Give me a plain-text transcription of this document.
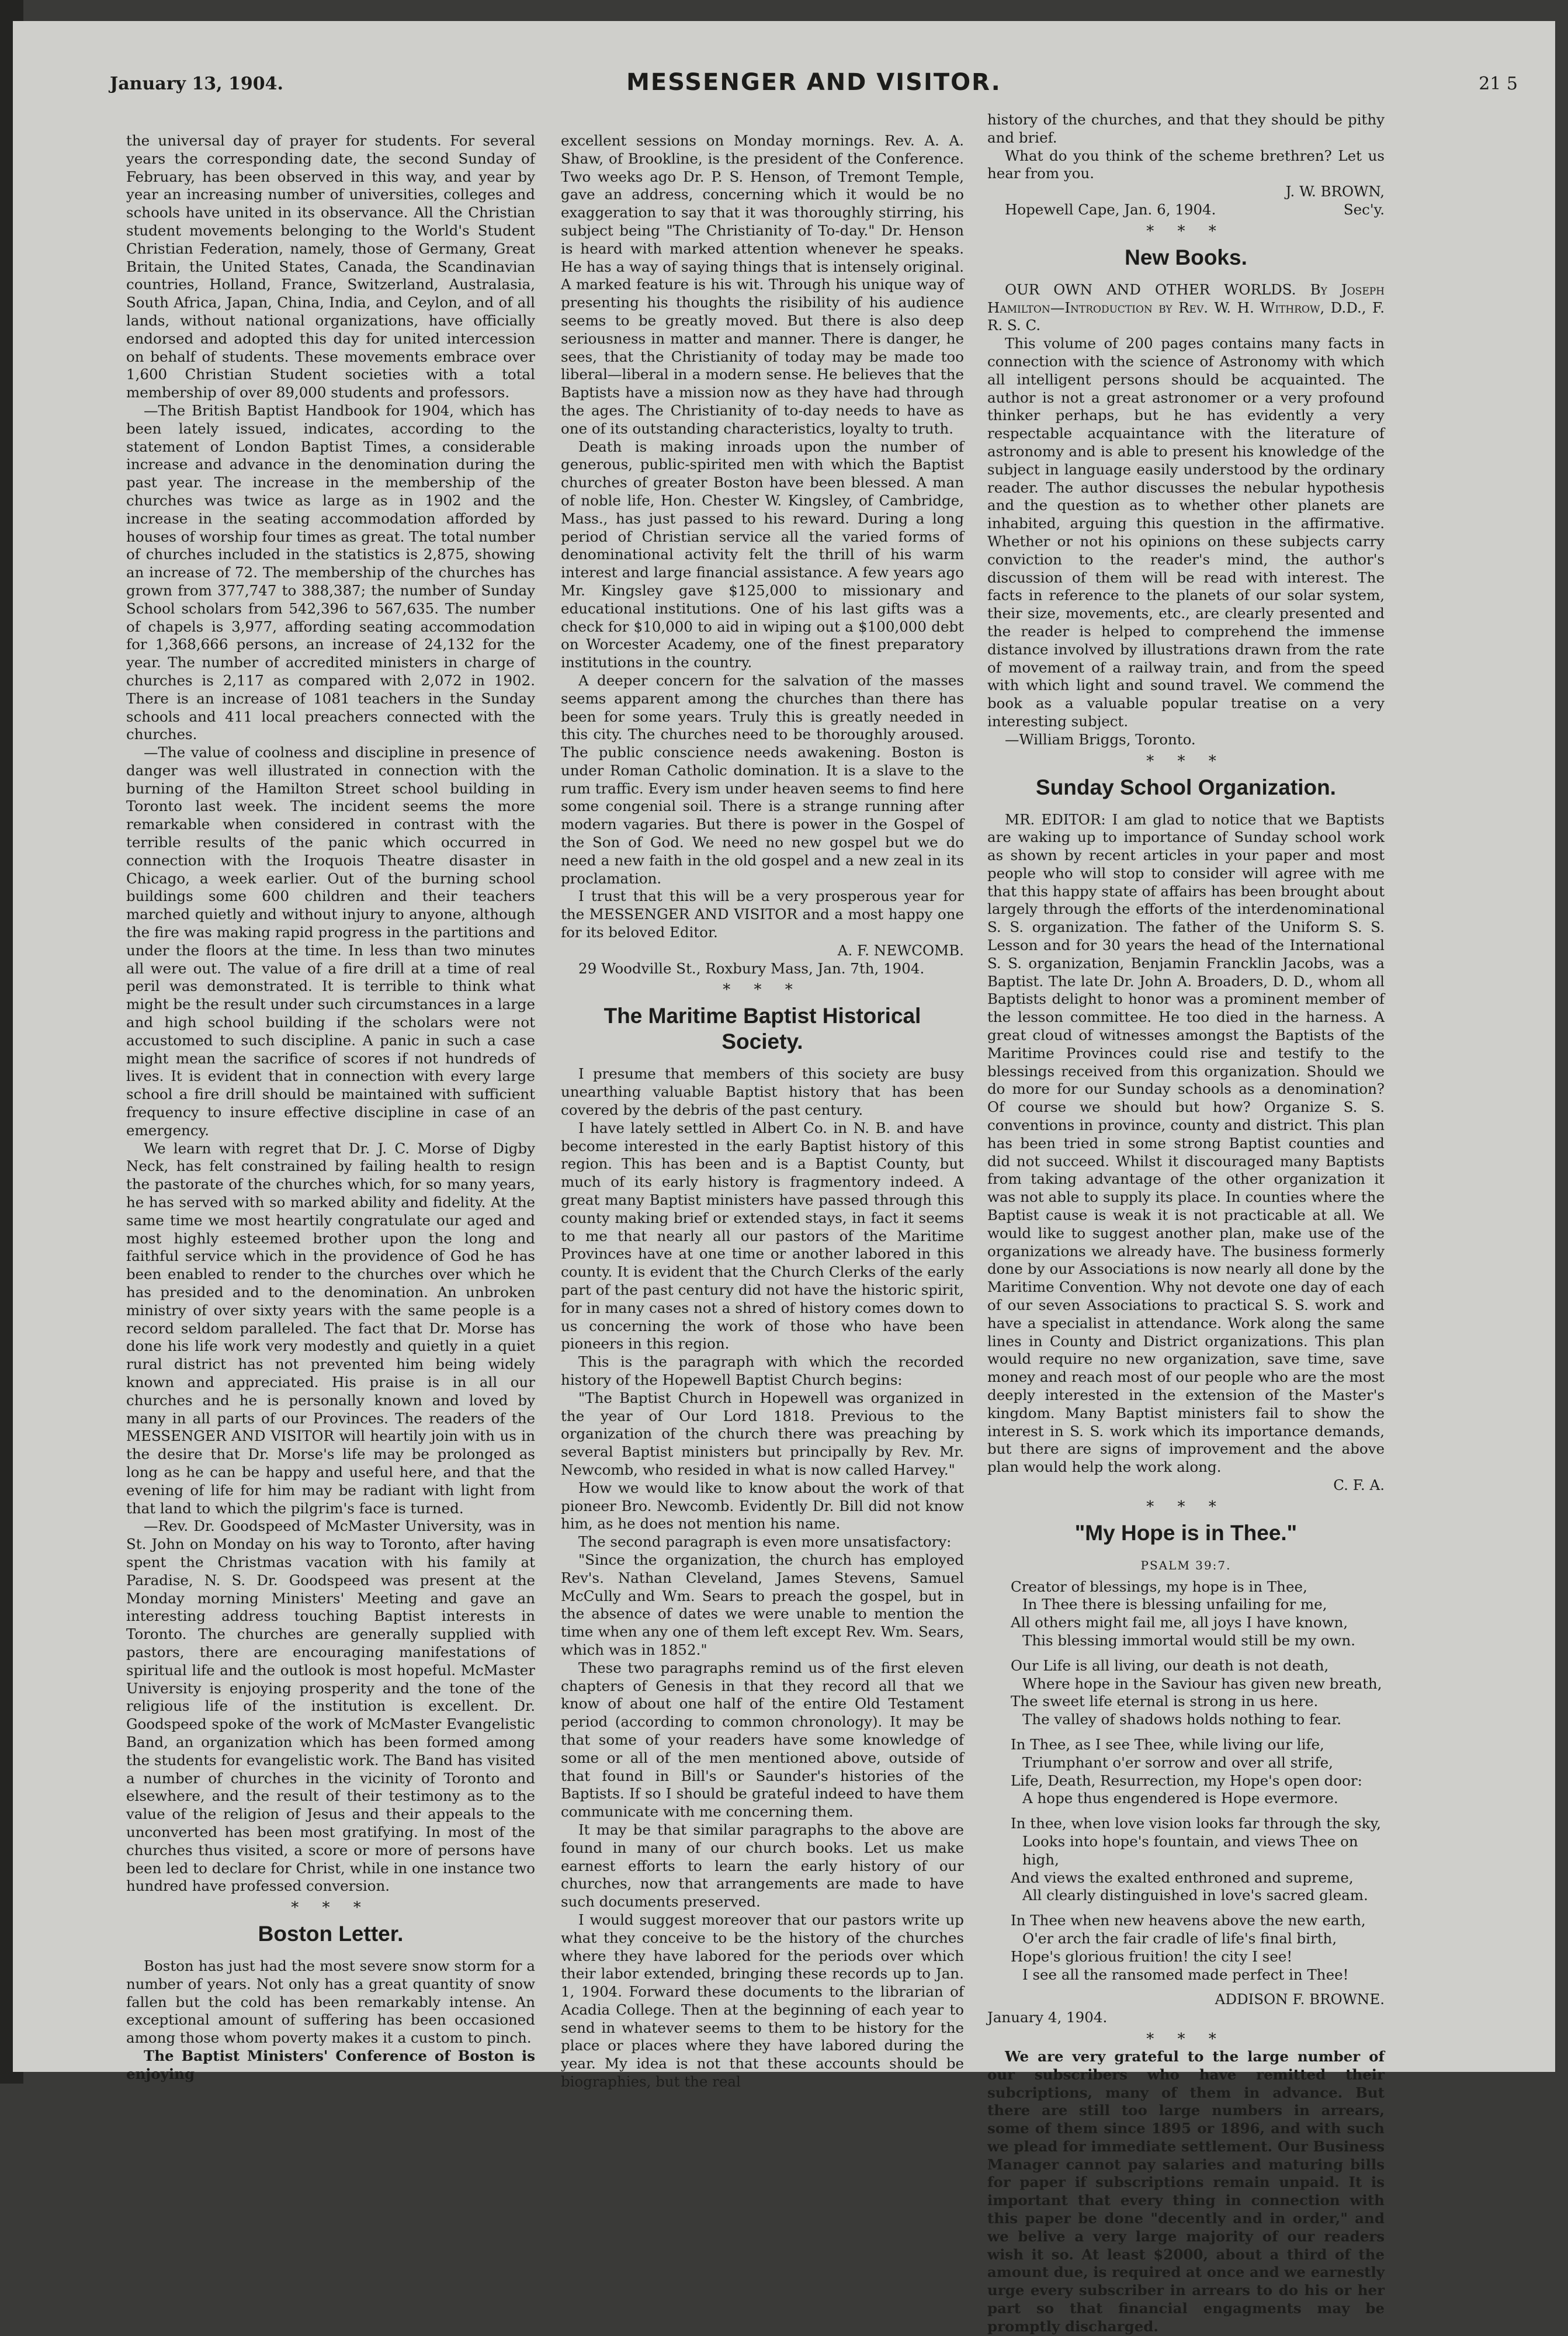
January 13, 1904.	MESSENGER AND VISITOR.	21 5

the universal day of prayer for students. For several years the corresponding date, the second Sunday of February, has been observed in this way, and year by year an increasing number of universities, colleges and schools have united in its observance. All the Christian student movements belonging to the World's Student Christian Federation, namely, those of Germany, Great Britain, the United States, Canada, the Scandinavian countries, Holland, France, Switzerland, Australasia, South Africa, Japan, China, India, and Ceylon, and of all lands, without national organizations, have officially endorsed and adopted this day for united intercession on behalf of students. These movements embrace over 1,600 Christian Student societies with a total membership of over 89,000 students and professors.

—The British Baptist Handbook for 1904, which has been lately issued, indicates, according to the statement of London Baptist Times, a considerable increase and advance in the denomination during the past year. The increase in the membership of the churches was twice as large as in 1902 and the increase in the seating accommodation afforded by houses of worship four times as great. The total number of churches included in the statistics is 2,875, showing an increase of 72. The membership of the churches has grown from 377,747 to 388,387; the number of Sunday School scholars from 542,396 to 567,635. The number of chapels is 3,977, affording seating accommodation for 1,368,666 persons, an increase of 24,132 for the year. The number of accredited ministers in charge of churches is 2,117 as compared with 2,072 in 1902. There is an increase of 1081 teachers in the Sunday schools and 411 local preachers connected with the churches.

—The value of coolness and discipline in presence of danger was well illustrated in connection with the burning of the Hamilton Street school building in Toronto last week. The incident seems the more remarkable when considered in contrast with the terrible results of the panic which occurred in connection with the Iroquois Theatre disaster in Chicago, a week earlier. Out of the burning school buildings some 600 children and their teachers marched quietly and without injury to anyone, although the fire was making rapid progress in the partitions and under the floors at the time. In less than two minutes all were out. The value of a fire drill at a time of real peril was demonstrated. It is terrible to think what might be the result under such circumstances in a large and high school building if the scholars were not accustomed to such discipline. A panic in such a case might mean the sacrifice of scores if not hundreds of lives. It is evident that in connection with every large school a fire drill should be maintained with sufficient frequency to insure effective discipline in case of an emergency.

We learn with regret that Dr. J. C. Morse of Digby Neck, has felt constrained by failing health to resign the pastorate of the churches which, for so many years, he has served with so marked ability and fidelity. At the same time we most heartily congratulate our aged and most highly esteemed brother upon the long and faithful service which in the providence of God he has been enabled to render to the churches over which he has presided and to the denomination. An unbroken ministry of over sixty years with the same people is a record seldom paralleled. The fact that Dr. Morse has done his life work very modestly and quietly in a quiet rural district has not prevented him being widely known and appreciated. His praise is in all our churches and he is personally known and loved by many in all parts of our Provinces. The readers of the MESSENGER AND VISITOR will heartily join with us in the desire that Dr. Morse's life may be prolonged as long as he can be happy and useful here, and that the evening of life for him may be radiant with light from that land to which the pilgrim's face is turned.

—Rev. Dr. Goodspeed of McMaster University, was in St. John on Monday on his way to Toronto, after having spent the Christmas vacation with his family at Paradise, N. S. Dr. Goodspeed was present at the Monday morning Ministers' Meeting and gave an interesting address touching Baptist interests in Toronto. The churches are generally supplied with pastors, there are encouraging manifestations of spiritual life and the outlook is most hopeful. McMaster University is enjoying prosperity and the tone of the religious life of the institution is excellent. Dr. Goodspeed spoke of the work of McMaster Evangelistic Band, an organization which has been formed among the students for evangelistic work. The Band has visited a number of churches in the vicinity of Toronto and elsewhere, and the result of their testimony as to the value of the religion of Jesus and their appeals to the unconverted has been most gratifying. In most of the churches thus visited, a score or more of persons have been led to declare for Christ, while in one instance two hundred have professed conversion.

* * *
Boston Letter.

Boston has just had the most severe snow storm for a number of years. Not only has a great quantity of snow fallen but the cold has been remarkably intense. An exceptional amount of suffering has been occasioned among those whom poverty makes it a custom to pinch.

The Baptist Ministers' Conference of Boston is enjoying

excellent sessions on Monday mornings. Rev. A. A. Shaw, of Brookline, is the president of the Conference. Two weeks ago Dr. P. S. Henson, of Tremont Temple, gave an address, concerning which it would be no exaggeration to say that it was thoroughly stirring, his subject being "The Christianity of To-day." Dr. Henson is heard with marked attention whenever he speaks. He has a way of saying things that is intensely original. A marked feature is his wit. Through his unique way of presenting his thoughts the risibility of his audience seems to be greatly moved. But there is also deep seriousness in matter and manner. There is danger, he sees, that the Christianity of today may be made too liberal—liberal in a modern sense. He believes that the Baptists have a mission now as they have had through the ages. The Christianity of to-day needs to have as one of its outstanding characteristics, loyalty to truth.

Death is making inroads upon the number of generous, public-spirited men with which the Baptist churches of greater Boston have been blessed. A man of noble life, Hon. Chester W. Kingsley, of Cambridge, Mass., has just passed to his reward. During a long period of Christian service all the varied forms of denominational activity felt the thrill of his warm interest and large financial assistance. A few years ago Mr. Kingsley gave $125,000 to missionary and educational institutions. One of his last gifts was a check for $10,000 to aid in wiping out a $100,000 debt on Worcester Academy, one of the finest preparatory institutions in the country.

A deeper concern for the salvation of the masses seems apparent among the churches than there has been for some years. Truly this is greatly needed in this city. The churches need to be thoroughly aroused. The public conscience needs awakening. Boston is under Roman Catholic domination. It is a slave to the rum traffic. Every ism under heaven seems to find here some congenial soil. There is a strange running after modern vagaries. But there is power in the Gospel of the Son of God. We need no new gospel but we do need a new faith in the old gospel and a new zeal in its proclamation.

I trust that this will be a very prosperous year for the MESSENGER AND VISITOR and a most happy one for its beloved Editor.

A. F. NEWCOMB.

29 Woodville St., Roxbury Mass, Jan. 7th, 1904.

* * *
The Maritime Baptist Historical Society.

I presume that members of this society are busy unearthing valuable Baptist history that has been covered by the debris of the past century.

I have lately settled in Albert Co. in N. B. and have become interested in the early Baptist history of this region. This has been and is a Baptist County, but much of its early history is fragmentory indeed. A great many Baptist ministers have passed through this county making brief or extended stays, in fact it seems to me that nearly all our pastors of the Maritime Provinces have at one time or another labored in this county. It is evident that the Church Clerks of the early part of the past century did not have the historic spirit, for in many cases not a shred of history comes down to us concerning the work of those who have been pioneers in this region.

This is the paragraph with which the recorded history of the Hopewell Baptist Church begins:

"The Baptist Church in Hopewell was organized in the year of Our Lord 1818. Previous to the organization of the church there was preaching by several Baptist ministers but principally by Rev. Mr. Newcomb, who resided in what is now called Harvey."

How we would like to know about the work of that pioneer Bro. Newcomb. Evidently Dr. Bill did not know him, as he does not mention his name.

The second paragraph is even more unsatisfactory:

"Since the organization, the church has employed Rev's. Nathan Cleveland, James Stevens, Samuel McCully and Wm. Sears to preach the gospel, but in the absence of dates we were unable to mention the time when any one of them left except Rev. Wm. Sears, which was in 1852."

These two paragraphs remind us of the first eleven chapters of Genesis in that they record all that we know of about one half of the entire Old Testament period (according to common chronology). It may be that some of your readers have some knowledge of some or all of the men mentioned above, outside of that found in Bill's or Saunder's histories of the Baptists. If so I should be grateful indeed to have them communicate with me concerning them.

It may be that similar paragraphs to the above are found in many of our church books. Let us make earnest efforts to learn the early history of our churches, now that arrangements are made to have such documents preserved.

I would suggest moreover that our pastors write up what they conceive to be the history of the churches where they have labored for the periods over which their labor extended, bringing these records up to Jan. 1, 1904. Forward these documents to the librarian of Acadia College. Then at the beginning of each year to send in whatever seems to them to be history for the place or places where they have labored during the year. My idea is not that these accounts should be biographies, but the real

history of the churches, and that they should be pithy and brief.

What do you think of the scheme brethren? Let us hear from you.

J. W. BROWN,

Hopewell Cape, Jan. 6, 1904.	Sec'y.

* * *
New Books.

OUR OWN AND OTHER WORLDS. By Joseph Hamilton—Introduction by Rev. W. H. Withrow, D.D., F. R. S. C.

This volume of 200 pages contains many facts in connection with the science of Astronomy with which all intelligent persons should be acquainted. The author is not a great astronomer or a very profound thinker perhaps, but he has evidently a very respectable acquaintance with the literature of astronomy and is able to present his knowledge of the subject in language easily understood by the ordinary reader. The author discusses the nebular hypothesis and the question as to whether other planets are inhabited, arguing this question in the affirmative. Whether or not his opinions on these subjects carry conviction to the reader's mind, the author's discussion of them will be read with interest. The facts in reference to the planets of our solar system, their size, movements, etc., are clearly presented and the reader is helped to comprehend the immense distance involved by illustrations drawn from the rate of movement of a railway train, and from the speed with which light and sound travel. We commend the book as a valuable popular treatise on a very interesting subject.

—William Briggs, Toronto.

* * *
Sunday School Organization.

MR. EDITOR: I am glad to notice that we Baptists are waking up to importance of Sunday school work as shown by recent articles in your paper and most people who will stop to consider will agree with me that this happy state of affairs has been brought about largely through the efforts of the interdenominational S. S. organization. The father of the Uniform S. S. Lesson and for 30 years the head of the International S. S. organization, Benjamin Francklin Jacobs, was a Baptist. The late Dr. John A. Broaders, D. D., whom all Baptists delight to honor was a prominent member of the lesson committee. He too died in the harness. A great cloud of witnesses amongst the Baptists of the Maritime Provinces could rise and testify to the blessings received from this organization. Should we do more for our Sunday schools as a denomination? Of course we should but how? Organize S. S. conventions in province, county and district. This plan has been tried in some strong Baptist counties and did not succeed. Whilst it discouraged many Baptists from taking advantage of the other organization it was not able to supply its place. In counties where the Baptist cause is weak it is not practicable at all. We would like to suggest another plan, make use of the organizations we already have. The business formerly done by our Associations is now nearly all done by the Maritime Convention. Why not devote one day of each of our seven Associations to practical S. S. work and have a specialist in attendance. Work along the same lines in County and District organizations. This plan would require no new organization, save time, save money and reach most of our people who are the most deeply interested in the extension of the Master's kingdom. Many Baptist ministers fail to show the interest in S. S. work which its importance demands, but there are signs of improvement and the above plan would help the work along.

C. F. A.

* * *
"My Hope is in Thee."
PSALM 39:7.
Creator of blessings, my hope is in Thee,
In Thee there is blessing unfailing for me,
All others might fail me, all joys I have known,
This blessing immortal would still be my own.
Our Life is all living, our death is not death,
Where hope in the Saviour has given new breath,
The sweet life eternal is strong in us here.
The valley of shadows holds nothing to fear.
In Thee, as I see Thee, while living our life,
Triumphant o'er sorrow and over all strife,
Life, Death, Resurrection, my Hope's open door:
A hope thus engendered is Hope evermore.
In thee, when love vision looks far through the sky,
Looks into hope's fountain, and views Thee on high,
And views the exalted enthroned and supreme,
All clearly distinguished in love's sacred gleam.
In Thee when new heavens above the new earth,
O'er arch the fair cradle of life's final birth,
Hope's glorious fruition! the city I see!
I see all the ransomed made perfect in Thee!

ADDISON F. BROWNE.

January 4, 1904.

* * *

We are very grateful to the large number of our subscribers who have remitted their subcriptions, many of them in advance. But there are still too large numbers in arrears, some of them since 1895 or 1896, and with such we plead for immediate settlement. Our Business Manager cannot pay salaries and maturing bills for paper if subscriptions remain unpaid. It is important that every thing in connection with this paper be done "decently and in order," and we belive a very large majority of our readers wish it so. At least $2000, about a third of the amount due, is required at once and we earnestly urge every subscriber in arrears to do his or her part so that financial engagments may be promptly discharged.
